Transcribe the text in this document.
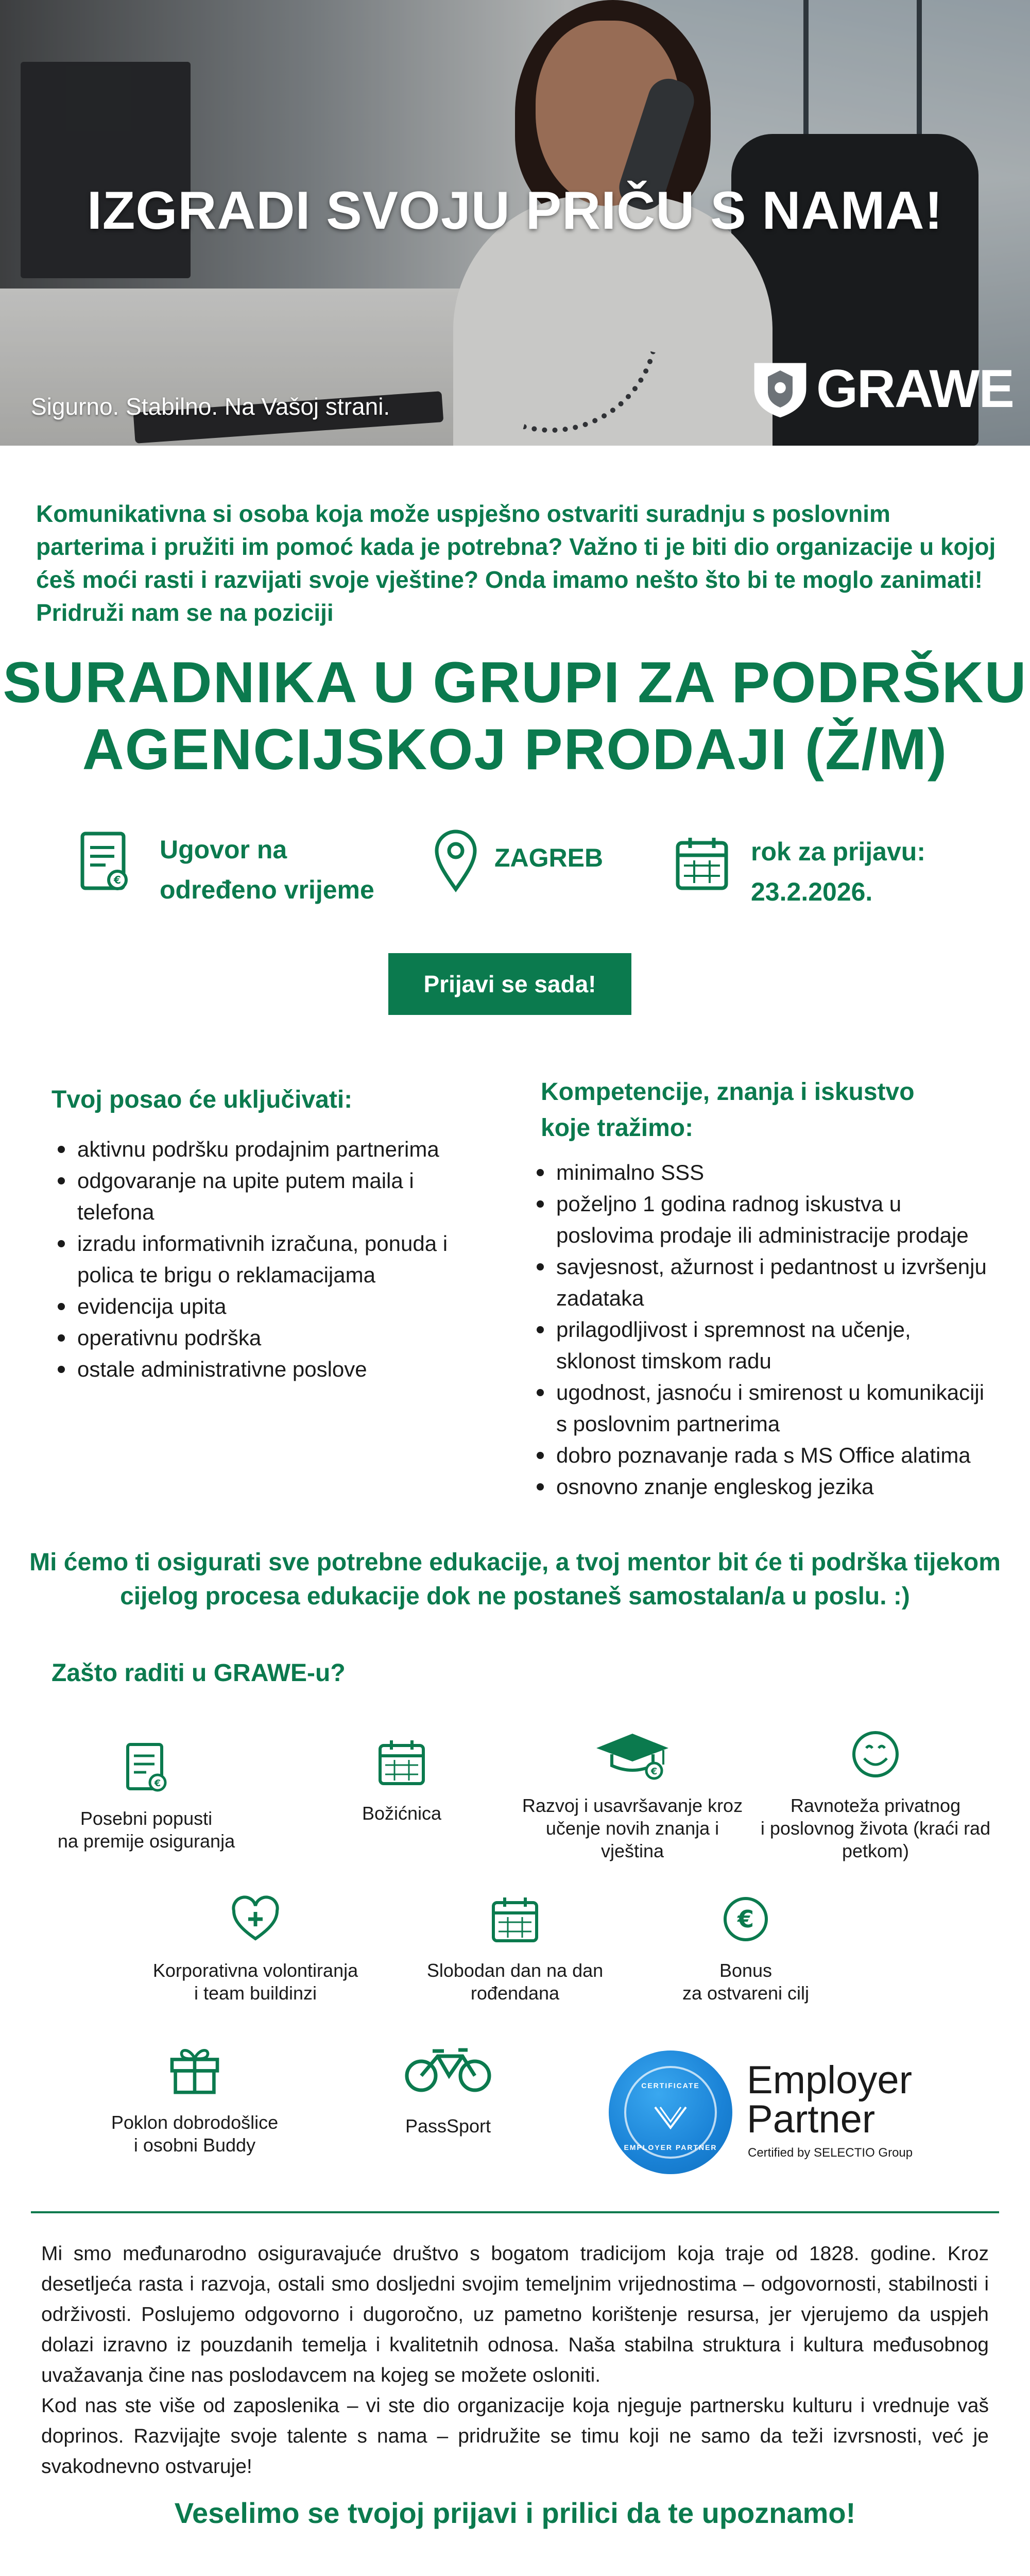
IZGRADI SVOJU PRIČU S NAMA!
Sigurno. Stabilno. Na Vašoj strani.	GRAWE

Komunikativna si osoba koja može uspješno ostvariti suradnju s poslovnim parterima i pružiti im pomoć kada je potrebna? Važno ti je biti dio organizacije u kojoj ćeš moći rasti i razvijati svoje vještine? Onda imamo nešto što bi te moglo zanimati! Pridruži nam se na poziciji

SURADNIKA U GRUPI ZA PODRŠKU
AGENCIJSKOJ PRODAJI (Ž/M)
€
Ugovor na
određeno vrijeme
ZAGREB	rok za prijavu:
23.2.2026.
Prijavi se sada!
Tvoj posao će uključivati:
aktivnu podršku prodajnim partnerima
odgovaranje na upite putem maila i telefona
izradu informativnih izračuna, ponuda i polica te brigu o reklamacijama
evidencija upita
operativnu podrška
ostale administrativne poslove
Kompetencije, znanja i iskustvo koje tražimo:
minimalno SSS
poželjno 1 godina radnog iskustva u poslovima prodaje ili administracije prodaje
savjesnost, ažurnost i pedantnost u izvršenju zadataka
prilagodljivost i spremnost na učenje, sklonost timskom radu
ugodnost, jasnoću i smirenost u komunikaciji s poslovnim partnerima
dobro poznavanje rada s MS Office alatima
osnovno znanje engleskog jezika
Mi ćemo ti osigurati sve potrebne edukacije, a tvoj mentor bit će ti podrška tijekom
cijelog procesa edukacije dok ne postaneš samostalan/a u poslu. :)
Zašto raditi u GRAWE-u?
€
Posebni popusti
na premije osiguranja
Božićnica
€
Razvoj i usavršavanje kroz
učenje novih znanja i
vještina
Ravnoteža privatnog
i poslovnog života (kraći rad
petkom)
Korporativna volontiranja
i team buildinzi
Slobodan dan na dan
rođendana
€
Bonus
za ostvareni cilj
Poklon dobrodošlice
i osobni Buddy
PassSport
CERTIFICATE
EMPLOYER PARTNER
Employer
Partner
Certified by SELECTIO Group

Mi smo međunarodno osiguravajuće društvo s bogatom tradicijom koja traje od 1828. godine. Kroz desetljeća rasta i razvoja, ostali smo dosljedni svojim temeljnim vrijednostima – odgovornosti, stabilnosti i održivosti. Poslujemo odgovorno i dugoročno, uz pametno korištenje resursa, jer vjerujemo da uspjeh dolazi izravno iz pouzdanih temelja i kvalitetnih odnosa. Naša stabilna struktura i kultura međusobnog uvažavanja čine nas poslodavcem na kojeg se možete osloniti.

Kod nas ste više od zaposlenika – vi ste dio organizacije koja njeguje partnersku kulturu i vrednuje vaš doprinos. Razvijajte svoje talente s nama – pridružite se timu koji ne samo da teži izvrsnosti, već je svakodnevno ostvaruje!

Veselimo se tvojoj prijavi i prilici da te upoznamo!
